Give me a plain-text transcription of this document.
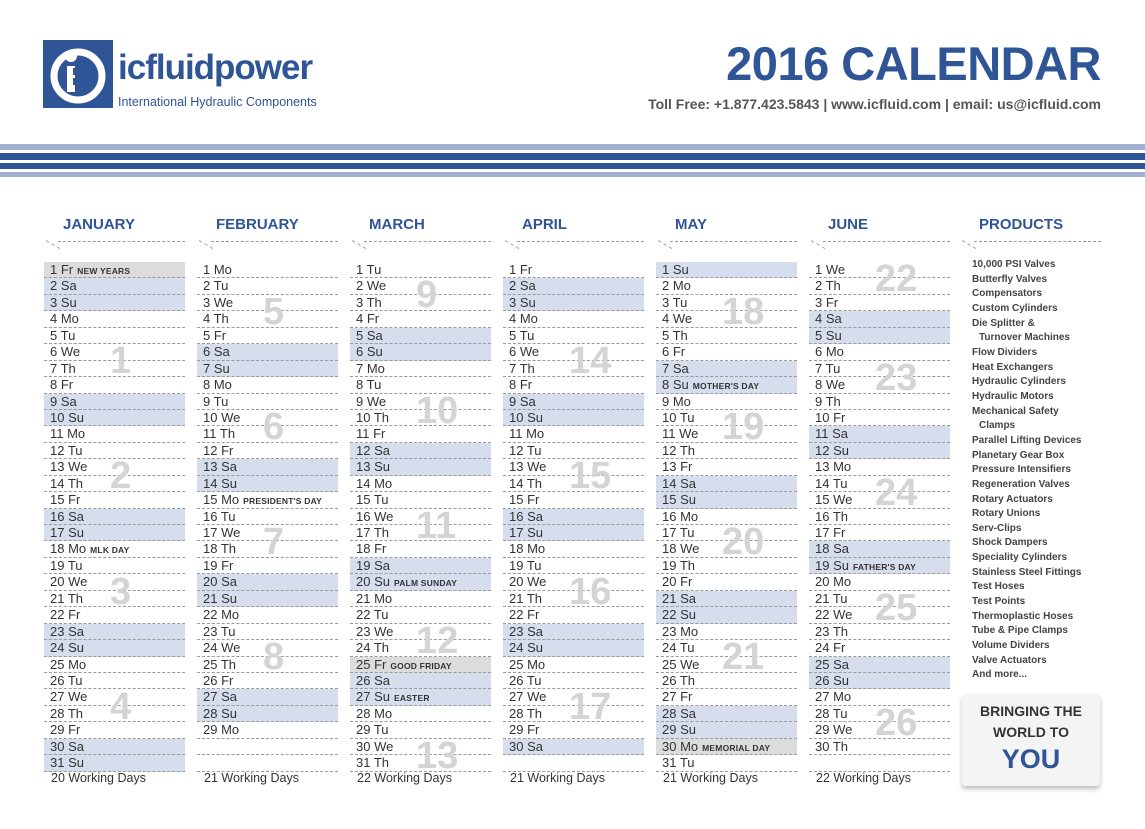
icfluidpower
International Hydraulic Components
2016 CALENDAR
Toll Free: +1.877.423.5843 | www.icfluid.com | email: us@icfluid.com
JANUARY
1 Fr NEW YEARS
2 Sa
3 Su
4 Mo
5 Tu
6 We
7 Th
8 Fr
9 Sa
10 Su
11 Mo
12 Tu
13 We
14 Th
15 Fr
16 Sa
17 Su
18 Mo MLK DAY
19 Tu
20 We
21 Th
22 Fr
23 Sa
24 Su
25 Mo
26 Tu
27 We
28 Th
29 Fr
30 Sa
31 Su
1
2
3
4
20 Working Days
FEBRUARY
1 Mo
2 Tu
3 We
4 Th
5 Fr
6 Sa
7 Su
8 Mo
9 Tu
10 We
11 Th
12 Fr
13 Sa
14 Su
15 Mo PRESIDENT'S DAY
16 Tu
17 We
18 Th
19 Fr
20 Sa
21 Su
22 Mo
23 Tu
24 We
25 Th
26 Fr
27 Sa
28 Su
29 Mo
5
6
7
8
21 Working Days
MARCH
1 Tu
2 We
3 Th
4 Fr
5 Sa
6 Su
7 Mo
8 Tu
9 We
10 Th
11 Fr
12 Sa
13 Su
14 Mo
15 Tu
16 We
17 Th
18 Fr
19 Sa
20 Su PALM SUNDAY
21 Mo
22 Tu
23 We
24 Th
25 Fr GOOD FRIDAY
26 Sa
27 Su EASTER
28 Mo
29 Tu
30 We
31 Th
9
10
11
12
13
22 Working Days
APRIL
1 Fr
2 Sa
3 Su
4 Mo
5 Tu
6 We
7 Th
8 Fr
9 Sa
10 Su
11 Mo
12 Tu
13 We
14 Th
15 Fr
16 Sa
17 Su
18 Mo
19 Tu
20 We
21 Th
22 Fr
23 Sa
24 Su
25 Mo
26 Tu
27 We
28 Th
29 Fr
30 Sa
14
15
16
17
21 Working Days
MAY
1 Su
2 Mo
3 Tu
4 We
5 Th
6 Fr
7 Sa
8 Su MOTHER'S DAY
9 Mo
10 Tu
11 We
12 Th
13 Fr
14 Sa
15 Su
16 Mo
17 Tu
18 We
19 Th
20 Fr
21 Sa
22 Su
23 Mo
24 Tu
25 We
26 Th
27 Fr
28 Sa
29 Su
30 Mo MEMORIAL DAY
31 Tu
18
19
20
21
21 Working Days
JUNE
1 We
2 Th
3 Fr
4 Sa
5 Su
6 Mo
7 Tu
8 We
9 Th
10 Fr
11 Sa
12 Su
13 Mo
14 Tu
15 We
16 Th
17 Fr
18 Sa
19 Su FATHER'S DAY
20 Mo
21 Tu
22 We
23 Th
24 Fr
25 Sa
26 Su
27 Mo
28 Tu
29 We
30 Th
22
23
24
25
26
22 Working Days
PRODUCTS
10,000 PSI Valves
Butterfly Valves
Compensators
Custom Cylinders
Die Splitter &
Turnover Machines
Flow Dividers
Heat Exchangers
Hydraulic Cylinders
Hydraulic Motors
Mechanical Safety
Clamps
Parallel Lifting Devices
Planetary Gear Box
Pressure Intensifiers
Regeneration Valves
Rotary Actuators
Rotary Unions
Serv-Clips
Shock Dampers
Speciality Cylinders
Stainless Steel Fittings
Test Hoses
Test Points
Thermoplastic Hoses
Tube & Pipe Clamps
Volume Dividers
Valve Actuators
And more...
BRINGING THE
WORLD TO
YOU
